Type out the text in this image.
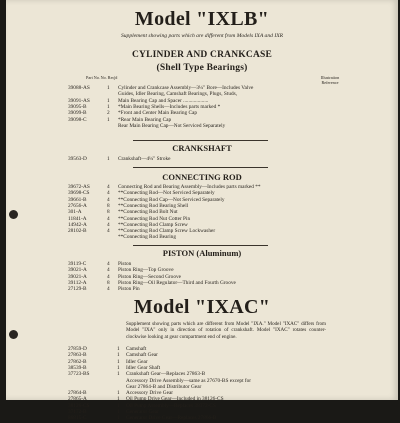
Model "IXLB"
Supplement showing parts which are different from Models IXA and IXR
CYLINDER AND CRANKCASE
(Shell Type Bearings)
Part No. No. Req'd	Illustration Reference
39088-AS	1 Cylinder and Crankcase Assembly—3¼" Bore—Includes Valve
Guides, Idler Bearing, Camshaft Bearings, Plugs, Studs,
39091-AS	1 Main Bearing Cap and Spacer ...................
39095-B	1 *Main Bearing Shells—Includes parts marked *
39099-B	2 *Front and Center Main Bearing Cap
39098-C	1 *Rear Main Bearing Cap
Rear Main Bearing Cap—Not Serviced Separately
CRANKSHAFT
39563-D	1 Crankshaft—4¼" Stroke
CONNECTING ROD
39672-AS	4 Connecting Rod and Bearing Assembly—Includes parts marked **
39698-CS	4 **Connecting Rod—Not Serviced Separately
39661-B	4 **Connecting Rod Cap—Not Serviced Separately
27656-A	8 **Connecting Rod Bearing Shell
301-A	8 **Connecting Rod Bolt Nut
11841-A	4 **Connecting Rod Nut Cotter Pin
14942-A	4 **Connecting Rod Clamp Screw
28102-B	4 **Connecting Rod Clamp Screw Lockwasher
**Connecting Rod Bearing
PISTON (Aluminum)
39119-C	4 Piston
39021-A	4 Piston Ring—Top Groove
39021-A	4 Piston Ring—Second Groove
39112-A	8 Piston Ring—Oil Regulator—Third and Fourth Groove
27129-B	4 Piston Pin
Model "IXAC"
Supplement showing parts which are different from Model "IXA." Model "IXAC" differs from Model "IXA" only in direction of rotation of crankshaft. Model "IXAC" rotates counter-clockwise looking at gear compartment end of engine.
27859-D	1 Camshaft
27863-B	1 Camshaft Gear
27862-B	1 Idler Gear
38539-B	1 Idler Gear Shaft
37723-BS	1 Crankshaft Gear—Replaces 27863-B
Accessory Drive Assembly—same as 27670-BS except for
Gear 27864-B and Distributor Gear
27864-B	1 Accessory Drive Gear
27865-A	1 Oil Pump Drive Gear—Included in 38126-CS
38126-CS	1 Oil Pump Assembly—Replaces 38372-CS
37172-B	1 Generator Gear
86815-C	1 Generator Drive Gear—Replaces 27866-B
